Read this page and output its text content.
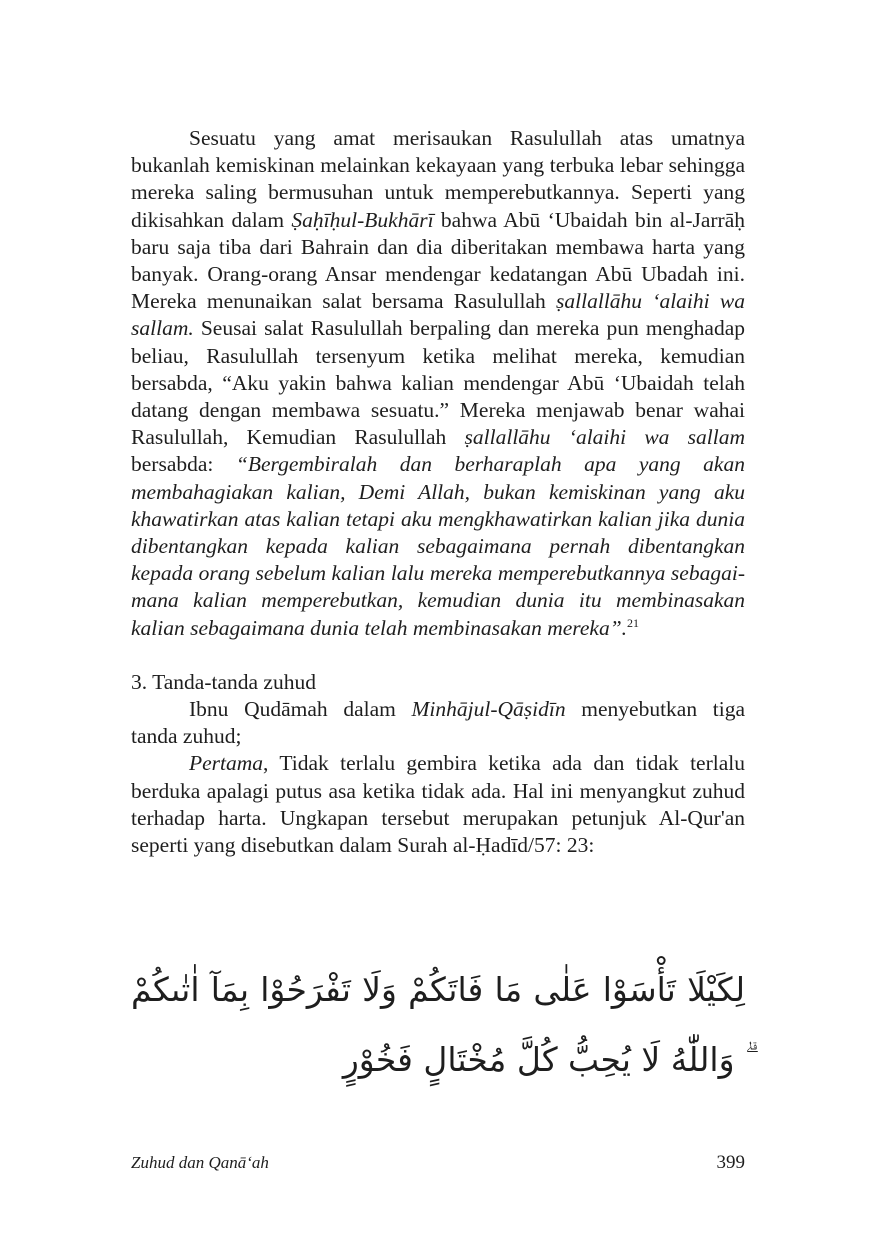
Sesuatu yang amat merisaukan Rasulullah atas umatnya bukanlah kemiskinan melainkan kekayaan yang terbuka lebar sehingga mereka saling bermusuhan untuk memperebutkannya. Seperti yang dikisahkan dalam Ṣaḥīḥul-Bukhārī bahwa Abū ‘Ubaidah bin al-Jarrāḥ baru saja tiba dari Bahrain dan dia diberitakan membawa harta yang banyak. Orang-orang Ansar mendengar kedatangan Abū Ubadah ini. Mereka menunaikan salat bersama Rasulullah ṣallallāhu ‘alaihi wa sallam. Seusai salat Rasulullah berpaling dan mereka pun menghadap beliau, Rasulullah tersenyum ketika melihat mereka, kemudian bersabda, “Aku yakin bahwa kalian mendengar Abū ‘Ubaidah telah datang dengan membawa sesuatu.” Mereka menjawab benar wahai Rasulullah, Kemudian Rasulullah ṣallallāhu ‘alaihi wa sallam bersabda: “Bergembiralah dan berharaplah apa yang akan membahagiakan kalian, Demi Allah, bukan kemiskinan yang aku khawatirkan atas kalian tetapi aku mengkhawatirkan kalian jika dunia dibentangkan kepada kalian sebagaimana pernah dibentangkan kepada orang sebelum kalian lalu mereka memperebutkannya sebagaimana kalian memperebutkan, kemudian dunia itu membinasakan kalian sebagaimana dunia telah membinasakan mereka”.$^{21}$

3. Tanda-tanda zuhud

Ibnu Qudāmah dalam Minhājul-Qāṣidīn menyebutkan tiga tanda zuhud;

Pertama, Tidak terlalu gembira ketika ada dan tidak terlalu berduka apalagi putus asa ketika tidak ada. Hal ini menyangkut zuhud terhadap harta. Ungkapan tersebut merupakan petunjuk Al-Qur'an seperti yang disebutkan dalam Surah al-Ḥadīd/57: 23:

لِكَيْلَا تَأْسَوْا عَلٰى مَا فَاتَكُمْ وَلَا تَفْرَحُوْا بِمَآ اٰتٰىكُمْ ۗ وَاللّٰهُ لَا يُحِبُّ كُلَّ مُخْتَالٍ فَخُوْرٍ
Zuhud dan Qanā‘ah	399
